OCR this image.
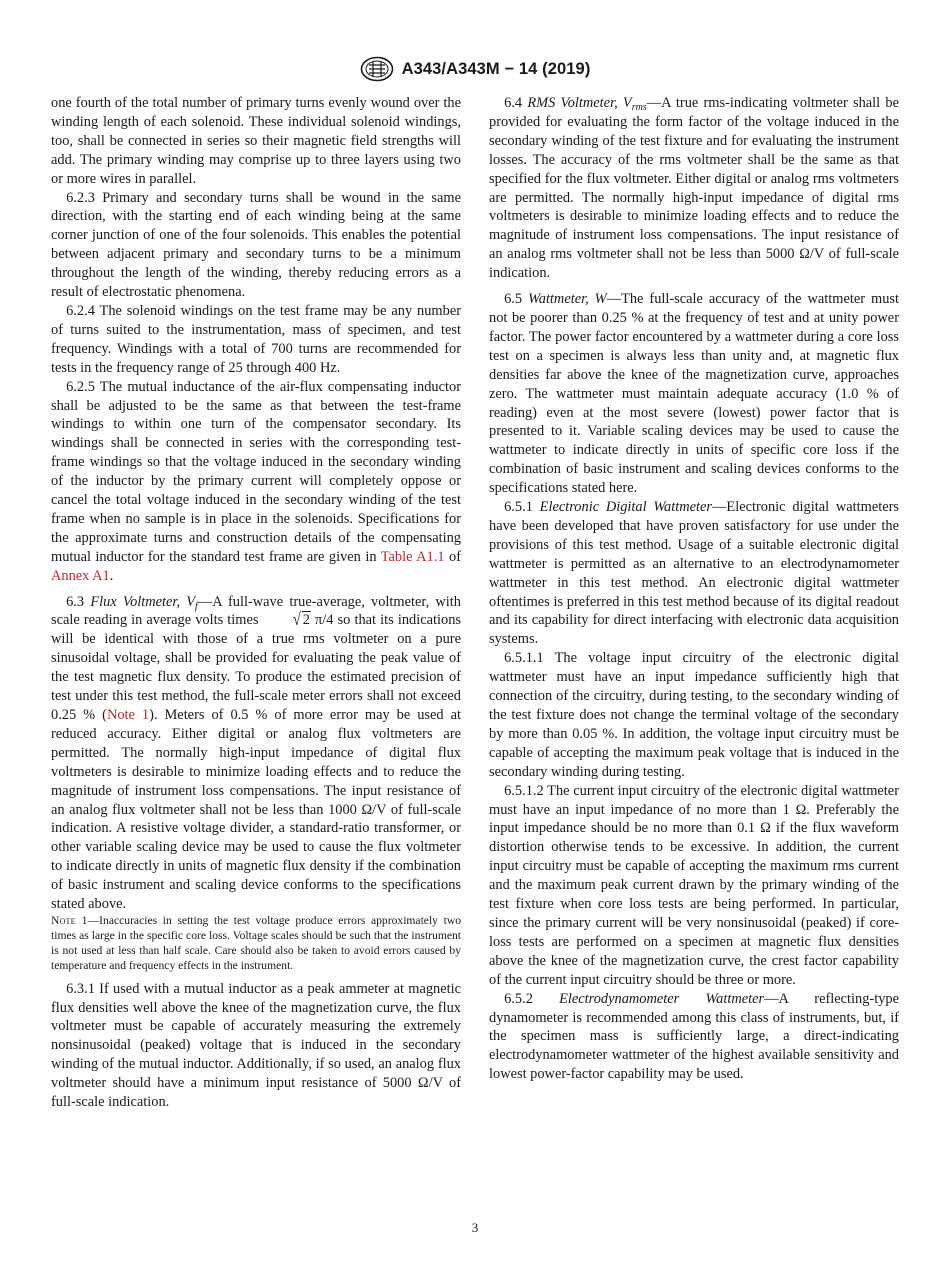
A343/A343M − 14 (2019)

one fourth of the total number of primary turns evenly wound over the winding length of each solenoid. These individual solenoid windings, too, shall be connected in series so their magnetic field strengths will add. The primary winding may comprise up to three layers using two or more wires in parallel.

6.2.3 Primary and secondary turns shall be wound in the same direction, with the starting end of each winding being at the same corner junction of one of the four solenoids. This enables the potential between adjacent primary and secondary turns to be a minimum throughout the length of the winding, thereby reducing errors as a result of electrostatic phenomena.

6.2.4 The solenoid windings on the test frame may be any number of turns suited to the instrumentation, mass of specimen, and test frequency. Windings with a total of 700 turns are recommended for tests in the frequency range of 25 through 400 Hz.

6.2.5 The mutual inductance of the air-flux compensating inductor shall be adjusted to be the same as that between the test-frame windings to within one turn of the compensator secondary. Its windings shall be connected in series with the corresponding test-frame windings so that the voltage induced in the secondary winding of the inductor by the primary current will completely oppose or cancel the total voltage induced in the secondary winding of the test frame when no sample is in place in the solenoids. Specifications for the approximate turns and construction details of the compensating mutual inductor for the standard test frame are given in Table A1.1 of Annex A1.

6.3 Flux Voltmeter, $V_f—A$ full-wave true-average, voltmeter, with scale reading in average volts times √ 2 π/4 so that its indications will be identical with those of a true rms voltmeter on a pure sinusoidal voltage, shall be provided for evaluating the peak value of the test magnetic flux density. To produce the estimated precision of test under this test method, the full-scale meter errors shall not exceed 0.25 % (Note 1). Meters of 0.5 % of more error may be used at reduced accuracy. Either digital or analog flux voltmeters are permitted. The normally high-input impedance of digital flux voltmeters is desirable to minimize loading effects and to reduce the magnitude of instrument loss compensations. The input resistance of an analog flux voltmeter shall not be less than 1000 Ω/V of full-scale indication. A resistive voltage divider, a standard-ratio transformer, or other variable scaling device may be used to cause the flux voltmeter to indicate directly in units of magnetic flux density if the combination of basic instrument and scaling device conforms to the specifications stated above.

Note 1—Inaccuracies in setting the test voltage produce errors approximately two times as large in the specific core loss. Voltage scales should be such that the instrument is not used at less than half scale. Care should also be taken to avoid errors caused by temperature and frequency effects in the instrument.

6.3.1 If used with a mutual inductor as a peak ammeter at magnetic flux densities well above the knee of the magnetization curve, the flux voltmeter must be capable of accurately measuring the extremely nonsinusoidal (peaked) voltage that is induced in the secondary winding of the mutual inductor. Additionally, if so used, an analog flux voltmeter should have a minimum input resistance of 5000 Ω/V of full-scale indication.

6.4 RMS Voltmeter, $V_{rms}—A$ true rms-indicating voltmeter shall be provided for evaluating the form factor of the voltage induced in the secondary winding of the test fixture and for evaluating the instrument losses. The accuracy of the rms voltmeter shall be the same as that specified for the flux voltmeter. Either digital or analog rms voltmeters are permitted. The normally high-input impedance of digital rms voltmeters is desirable to minimize loading effects and to reduce the magnitude of instrument loss compensations. The input resistance of an analog rms voltmeter shall not be less than 5000 Ω/V of full-scale indication.

6.5 Wattmeter, W—The full-scale accuracy of the wattmeter must not be poorer than 0.25 % at the frequency of test and at unity power factor. The power factor encountered by a wattmeter during a core loss test on a specimen is always less than unity and, at magnetic flux densities far above the knee of the magnetization curve, approaches zero. The wattmeter must maintain adequate accuracy (1.0 % of reading) even at the most severe (lowest) power factor that is presented to it. Variable scaling devices may be used to cause the wattmeter to indicate directly in units of specific core loss if the combination of basic instrument and scaling devices conforms to the specifications stated here.

6.5.1 Electronic Digital Wattmeter—Electronic digital wattmeters have been developed that have proven satisfactory for use under the provisions of this test method. Usage of a suitable electronic digital wattmeter is permitted as an alternative to an electrodynamometer wattmeter in this test method. An electronic digital wattmeter oftentimes is preferred in this test method because of its digital readout and its capability for direct interfacing with electronic data acquisition systems.

6.5.1.1 The voltage input circuitry of the electronic digital wattmeter must have an input impedance sufficiently high that connection of the circuitry, during testing, to the secondary winding of the test fixture does not change the terminal voltage of the secondary by more than 0.05 %. In addition, the voltage input circuitry must be capable of accepting the maximum peak voltage that is induced in the secondary winding during testing.

6.5.1.2 The current input circuitry of the electronic digital wattmeter must have an input impedance of no more than 1 Ω. Preferably the input impedance should be no more than 0.1 Ω if the flux waveform distortion otherwise tends to be excessive. In addition, the current input circuitry must be capable of accepting the maximum rms current and the maximum peak current drawn by the primary winding of the test fixture when core loss tests are being performed. In particular, since the primary current will be very nonsinusoidal (peaked) if core-loss tests are performed on a specimen at magnetic flux densities above the knee of the magnetization curve, the crest factor capability of the current input circuitry should be three or more.

6.5.2 Electrodynamometer Wattmeter—A reflecting-type dynamometer is recommended among this class of instruments, but, if the specimen mass is sufficiently large, a direct-indicating electrodynamometer wattmeter of the highest available sensitivity and lowest power-factor capability may be used.

3
